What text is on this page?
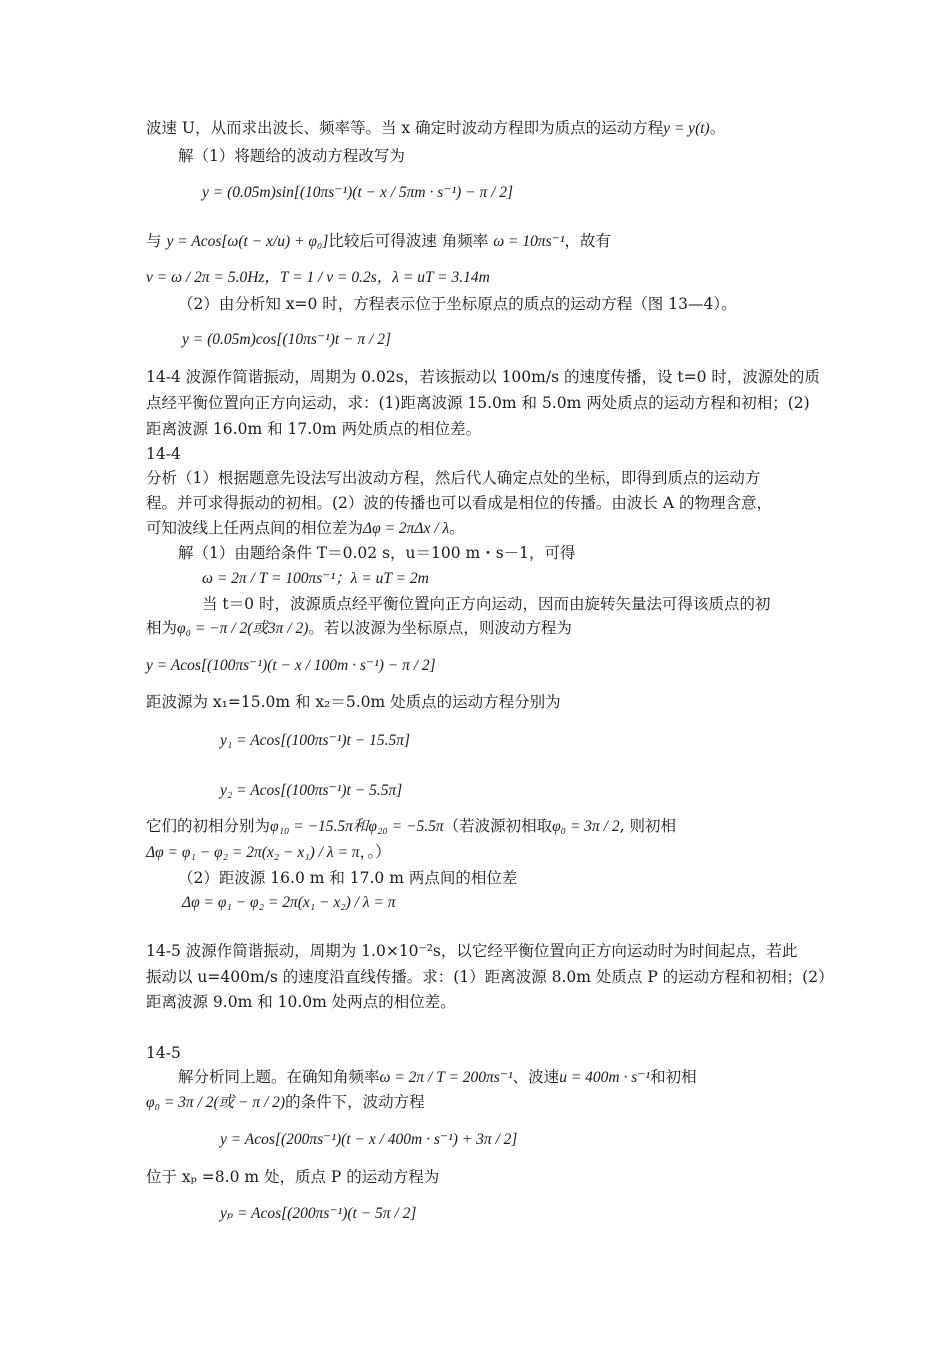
波速 U，从而求出波长、频率等。当 x 确定时波动方程即为质点的运动方程y = y(t)。
解（1）将题给的波动方程改写为
y = (0.05m)sin[(10πs⁻¹)(t − x / 5πm · s⁻¹) − π / 2]
与 y = Acos[ω(t − x/u) + φ₀]比较后可得波速 角频率 ω = 10πs⁻¹，故有
ν = ω / 2π = 5.0Hz，T = 1 / ν = 0.2s，λ = uT = 3.14m
（2）由分析知 x=0 时，方程表示位于坐标原点的质点的运动方程（图 13—4）。
y = (0.05m)cos[(10πs⁻¹)t − π / 2]
14-4 波源作简谐振动，周期为 0.02s，若该振动以 100m/s 的速度传播，设 t=0 时，波源处的质
点经平衡位置向正方向运动，求：(1)距离波源 15.0m 和 5.0m 两处质点的运动方程和初相；(2)
距离波源 16.0m 和 17.0m 两处质点的相位差。
14-4
分析（1）根据题意先设法写出波动方程，然后代人确定点处的坐标，即得到质点的运动方
程。并可求得振动的初相。(2）波的传播也可以看成是相位的传播。由波长 A 的物理含意，
可知波线上任两点间的相位差为Δφ = 2πΔx / λ。
解（1）由题给条件 T＝0.02 s，u＝100 m・s－1，可得
ω = 2π / T = 100πs⁻¹；λ = uT = 2m
当 t＝0 时，波源质点经平衡位置向正方向运动，因而由旋转矢量法可得该质点的初
相为φ₀ = −π / 2(或3π / 2)。若以波源为坐标原点，则波动方程为
y = Acos[(100πs⁻¹)(t − x / 100m · s⁻¹) − π / 2]
距波源为 x₁=15.0m 和 x₂＝5.0m 处质点的运动方程分别为
y₁ = Acos[(100πs⁻¹)t − 15.5π]
y₂ = Acos[(100πs⁻¹)t − 5.5π]
它们的初相分别为φ₁₀ = −15.5π和φ₂₀ = −5.5π（若波源初相取φ₀ = 3π / 2, 则初相
Δφ = φ₁ − φ₂ = 2π(x₂ − x₁) / λ = π，。）
（2）距波源 16.0 m 和 17.0 m 两点间的相位差
Δφ = φ₁ − φ₂ = 2π(x₁ − x₂) / λ = π
14-5 波源作简谐振动，周期为 1.0×10⁻²s，以它经平衡位置向正方向运动时为时间起点，若此
振动以 u=400m/s 的速度沿直线传播。求：(1）距离波源 8.0m 处质点 P 的运动方程和初相；(2）
距离波源 9.0m 和 10.0m 处两点的相位差。
14-5
解分析同上题。在确知角频率ω = 2π / T = 200πs⁻¹、波速u = 400m · s⁻¹和初相
φ₀ = 3π / 2(或 − π / 2)的条件下，波动方程
y = Acos[(200πs⁻¹)(t − x / 400m · s⁻¹) + 3π / 2]
位于 xₚ =8.0 m 处，质点 P 的运动方程为
yₚ = Acos[(200πs⁻¹)(t − 5π / 2]
